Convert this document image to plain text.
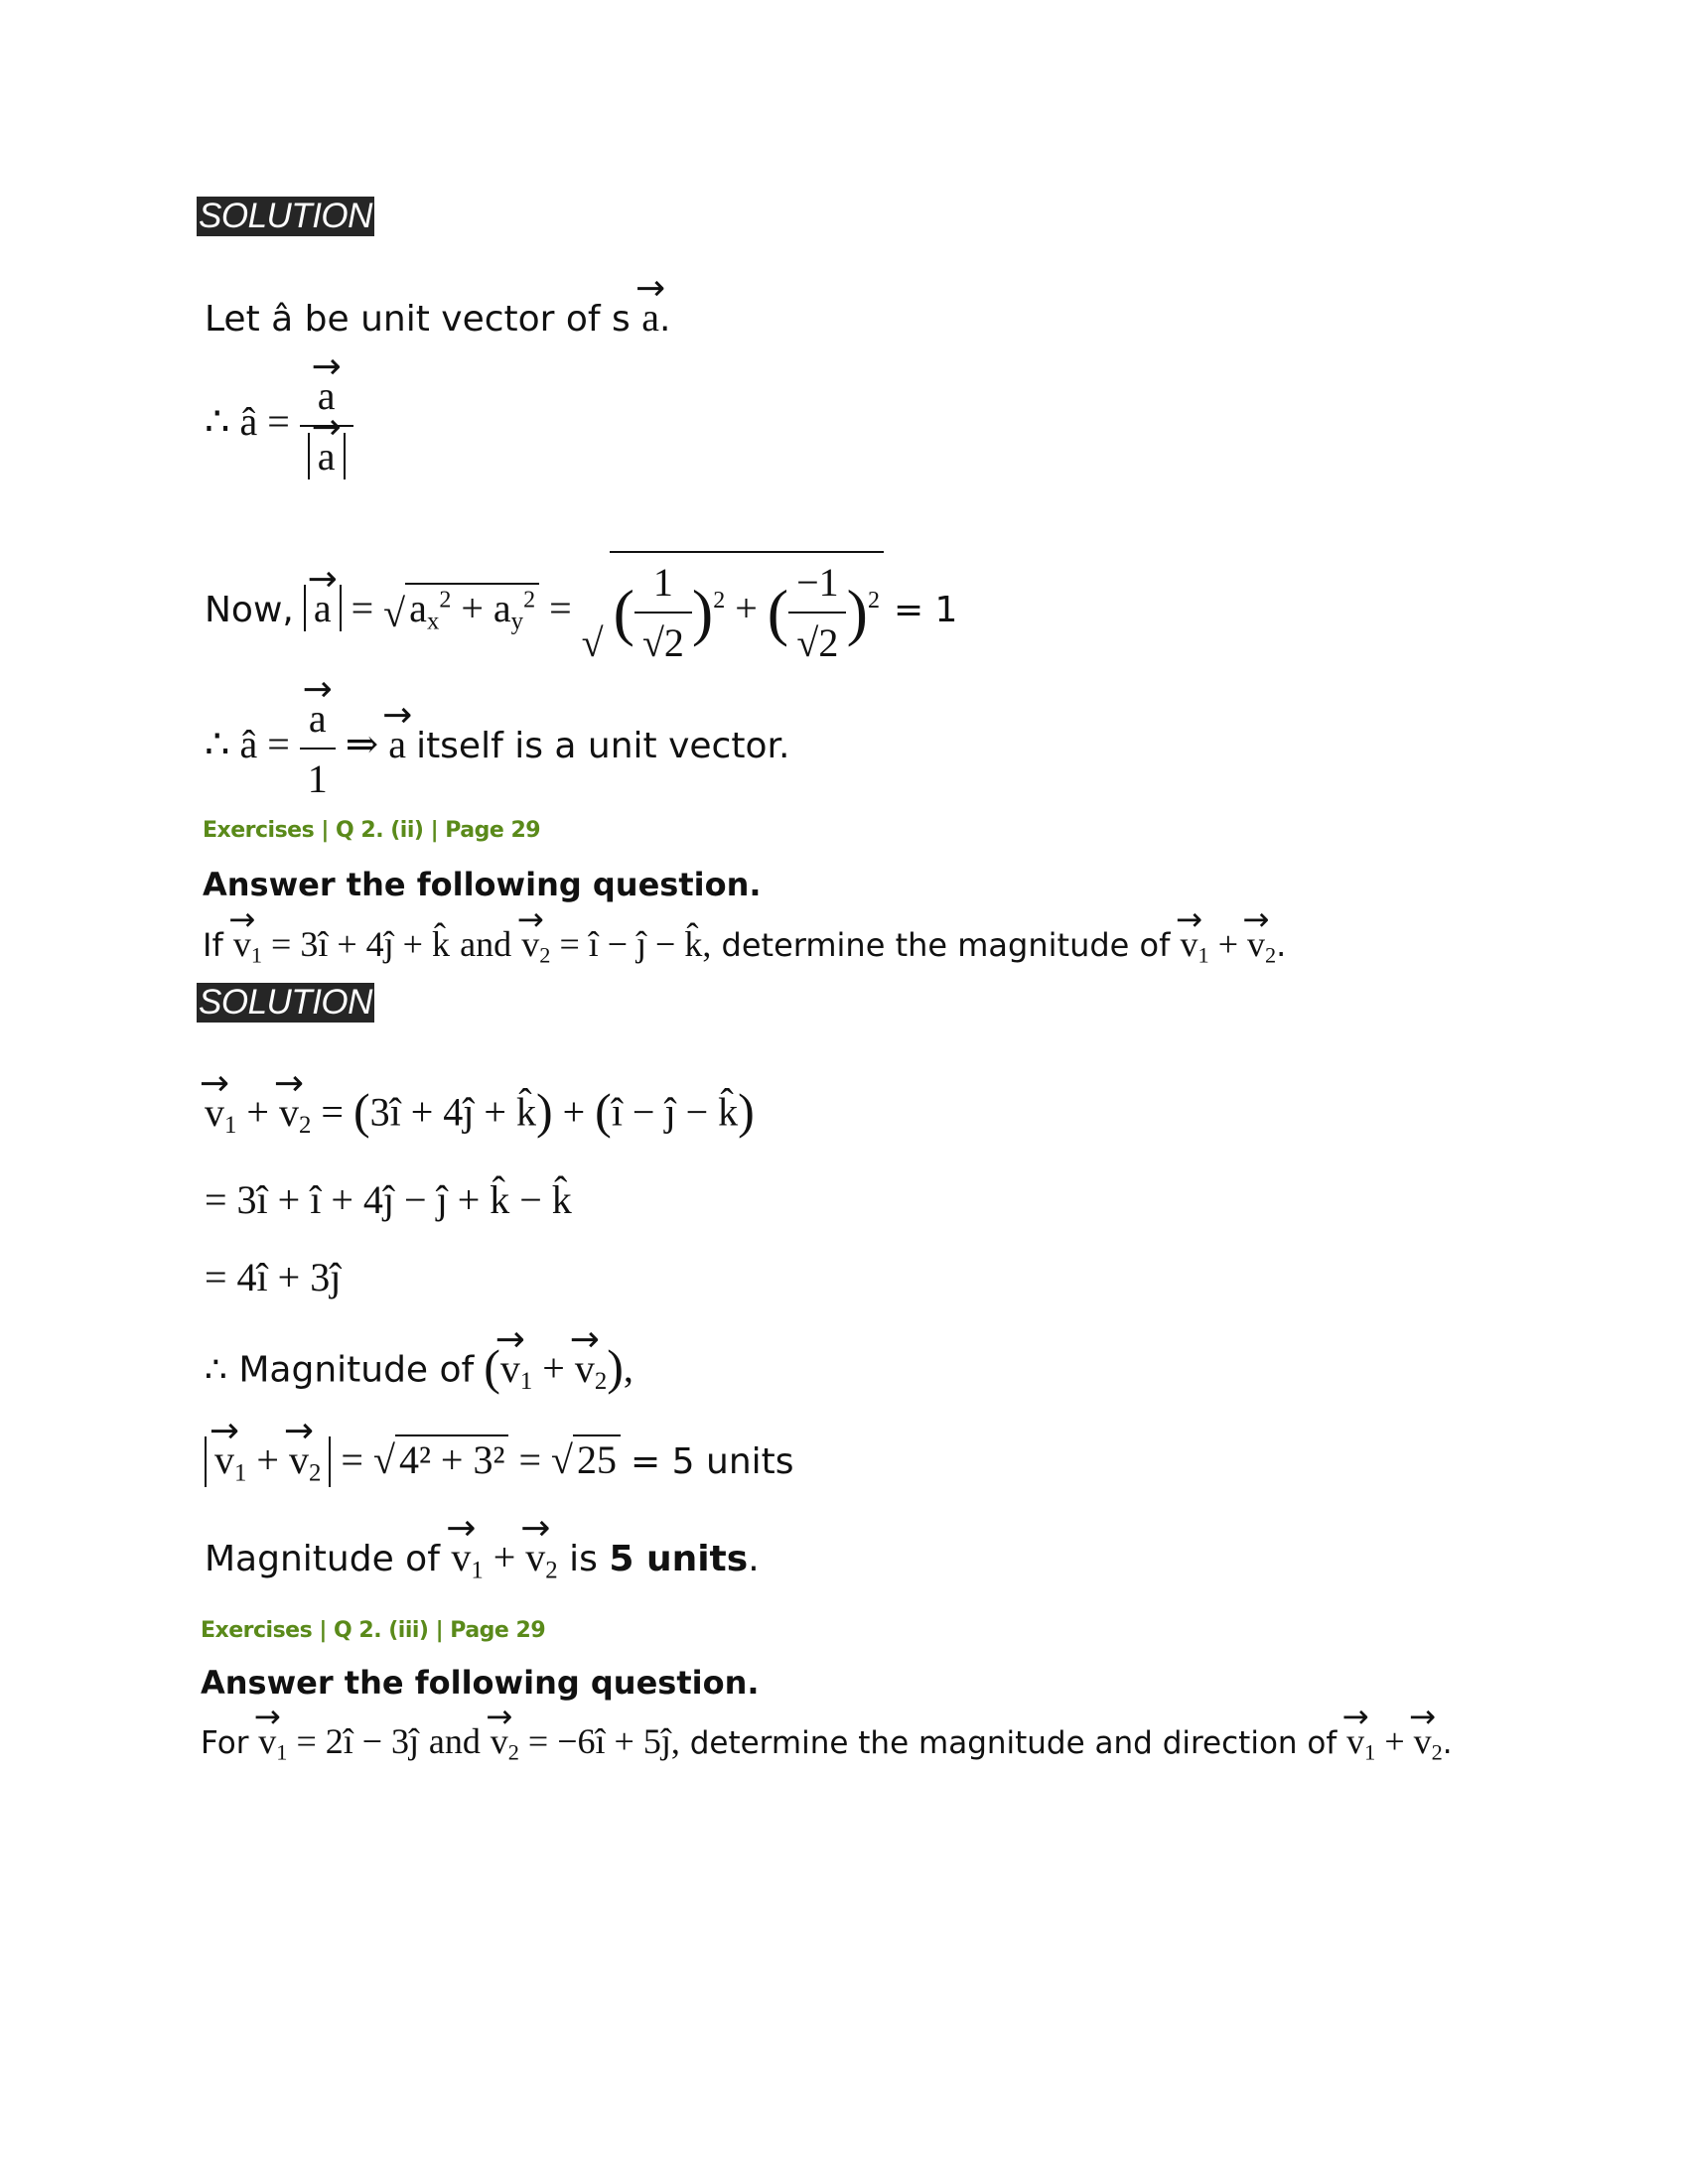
SOLUTION
Let â be unit vector of s → a.
∴ â = → a
→ a
Now, → a = √ $a_x^2 + a_y^2$ = √ ( $\frac{1}{√2} )^2$ + ( $\frac{-1}{√2} )^2 = 1$
∴ â = → $\frac{a}{1}$ ⇒ → a itself is a unit vector.
Exercises | Q 2. (ii) | Page 29
Answer the following question.
$If \to v_1$ = 3î + 4ĵ + k̂ and → $v_2$ = î − ĵ − k̂, determine the magnitude of → $v_1$ + → $v_2$.
SOLUTION
→ $v_1$ + → $v_2$ = (3î + 4ĵ + k̂) + (î − ĵ − k̂)
= 3î + î + 4ĵ − ĵ + k̂ − k̂
= 4î + 3ĵ
∴ Magnitude of (→ $v_1$ + → $v_2$),
→ $v_1$ + → $v_2$ = √ 4² + 3² = √ 25 = 5 units
Magnitude of → $v_1$ + → $v_2$ is 5 units.
Exercises | Q 2. (iii) | Page 29
Answer the following question.
For → $v_1$ = 2î − 3ĵ and → $v_2$ = −6î + 5ĵ, determine the magnitude and direction of → $v_1$ + → $v_2$.
